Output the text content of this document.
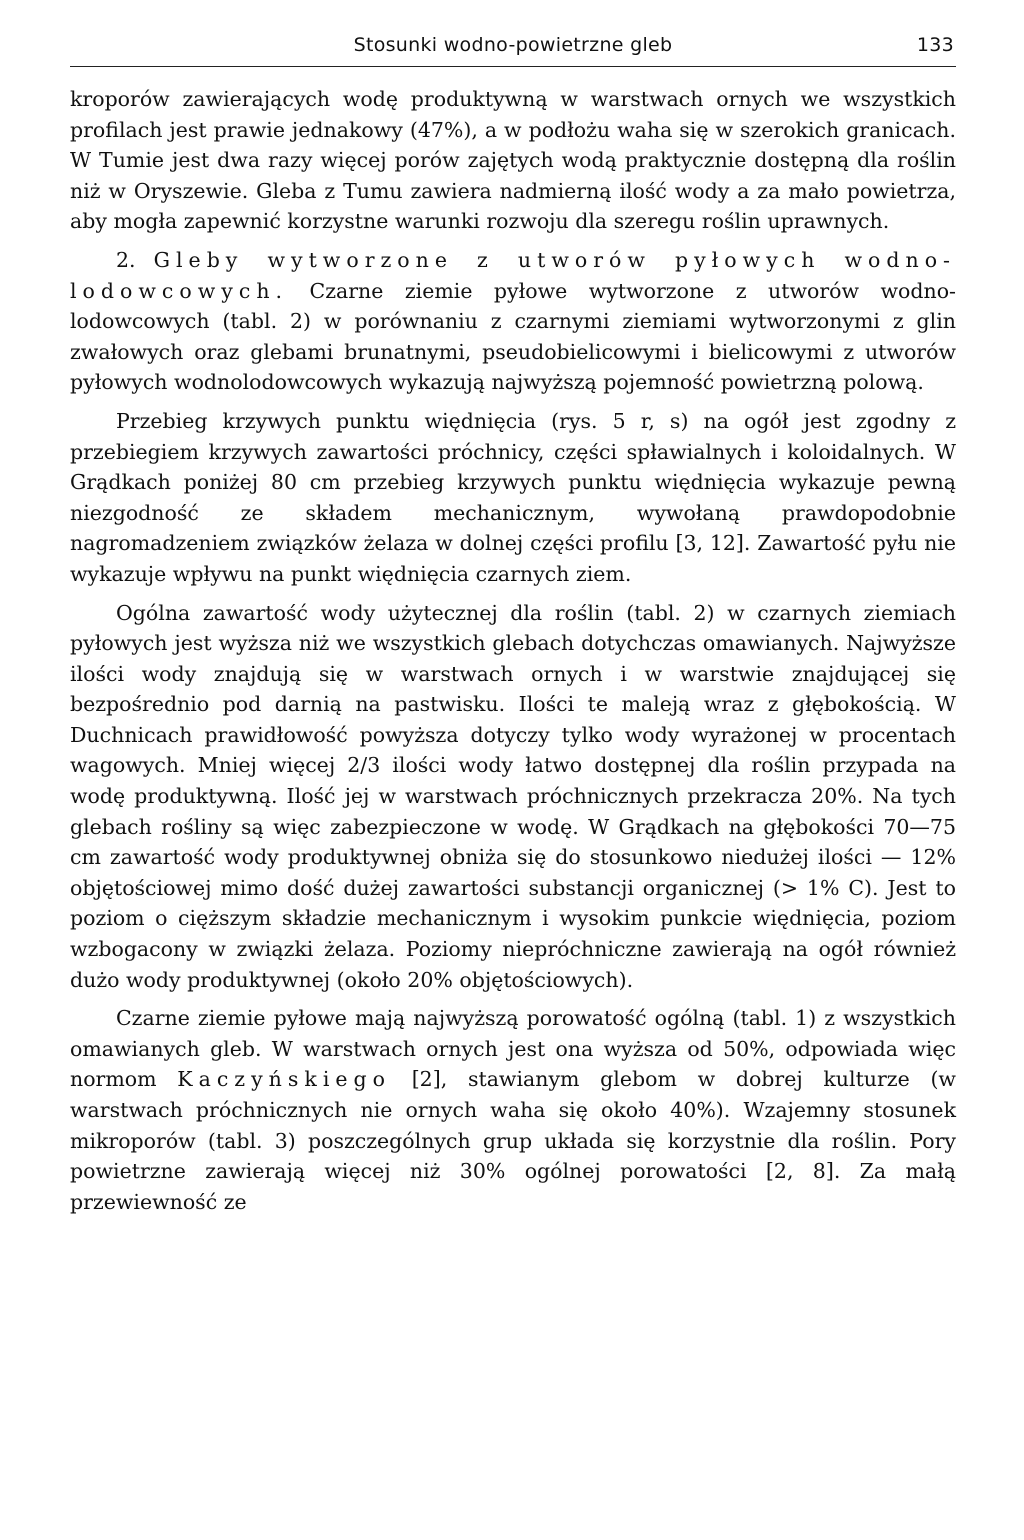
Stosunki wodno-powietrzne gleb	133

kroporów zawierających wodę produktywną w warstwach ornych we wszystkich profilach jest prawie jednakowy (47%), a w podłożu waha się w szerokich granicach. W Tumie jest dwa razy więcej porów zajętych wodą praktycznie dostępną dla roślin niż w Oryszewie. Gleba z Tumu zawiera nadmierną ilość wody a za mało powietrza, aby mogła zapewnić korzystne warunki rozwoju dla szeregu roślin uprawnych.

2. Gleby wytworzone z utworów pyłowych wodno-lodowcowych. Czarne ziemie pyłowe wytworzone z utworów wodno-lodowcowych (tabl. 2) w porównaniu z czarnymi ziemiami wytworzonymi z glin zwałowych oraz glebami brunatnymi, pseudobielicowymi i bielicowymi z utworów pyłowych wodnolodowcowych wykazują najwyższą pojemność powietrzną polową.

Przebieg krzywych punktu więdnięcia (rys. 5 r, s) na ogół jest zgodny z przebiegiem krzywych zawartości próchnicy, części spławialnych i koloidalnych. W Grądkach poniżej 80 cm przebieg krzywych punktu więdnięcia wykazuje pewną niezgodność ze składem mechanicznym, wywołaną prawdopodobnie nagromadzeniem związków żelaza w dolnej części profilu [3, 12]. Zawartość pyłu nie wykazuje wpływu na punkt więdnięcia czarnych ziem.

Ogólna zawartość wody użytecznej dla roślin (tabl. 2) w czarnych ziemiach pyłowych jest wyższa niż we wszystkich glebach dotychczas omawianych. Najwyższe ilości wody znajdują się w warstwach ornych i w warstwie znajdującej się bezpośrednio pod darnią na pastwisku. Ilości te maleją wraz z głębokością. W Duchnicach prawidłowość powyższa dotyczy tylko wody wyrażonej w procentach wagowych. Mniej więcej 2/3 ilości wody łatwo dostępnej dla roślin przypada na wodę produktywną. Ilość jej w warstwach próchnicznych przekracza 20%. Na tych glebach rośliny są więc zabezpieczone w wodę. W Grądkach na głębokości 70—75 cm zawartość wody produktywnej obniża się do stosunkowo niedużej ilości — 12% objętościowej mimo dość dużej zawartości substancji organicznej (> 1% C). Jest to poziom o cięższym składzie mechanicznym i wysokim punkcie więdnięcia, poziom wzbogacony w związki żelaza. Poziomy niepróchniczne zawierają na ogół również dużo wody produktywnej (około 20% objętościowych).

Czarne ziemie pyłowe mają najwyższą porowatość ogólną (tabl. 1) z wszystkich omawianych gleb. W warstwach ornych jest ona wyższa od 50%, odpowiada więc normom Kaczyńskiego [2], stawianym glebom w dobrej kulturze (w warstwach próchnicznych nie ornych waha się około 40%). Wzajemny stosunek mikroporów (tabl. 3) poszczególnych grup układa się korzystnie dla roślin. Pory powietrzne zawierają więcej niż 30% ogólnej porowatości [2, 8]. Za małą przewiewność ze
